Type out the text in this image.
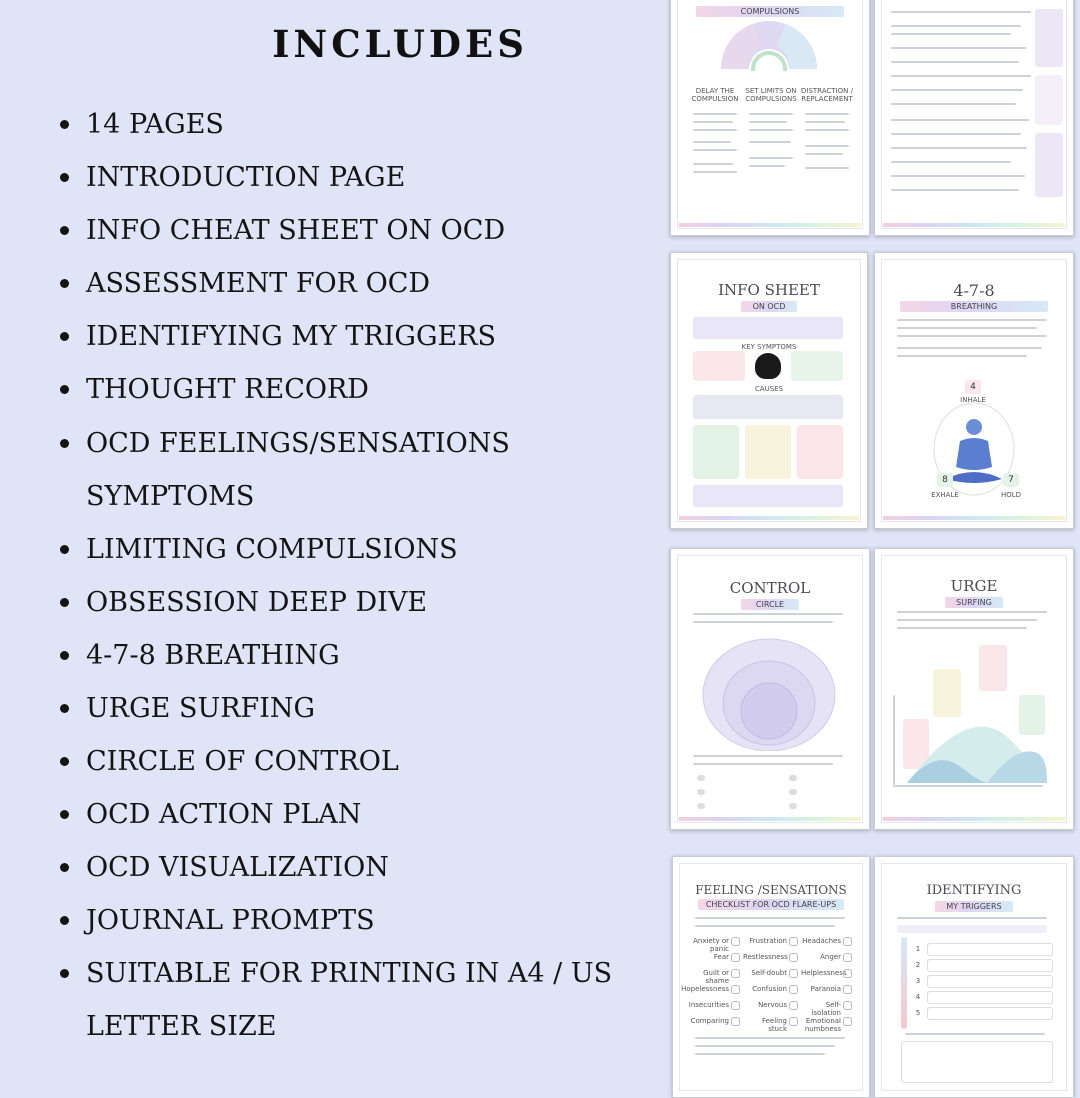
INCLUDES
14 PAGES
INTRODUCTION PAGE
INFO CHEAT SHEET ON OCD
ASSESSMENT FOR OCD
IDENTIFYING MY TRIGGERS
THOUGHT RECORD
OCD FEELINGS/SENSATIONS SYMPTOMS
LIMITING COMPULSIONS
OBSESSION DEEP DIVE
4-7-8 BREATHING
URGE SURFING
CIRCLE OF CONTROL
OCD ACTION PLAN
OCD VISUALIZATION
JOURNAL PROMPTS
SUITABLE FOR PRINTING IN A4 / US LETTER SIZE
COMPULSIONS
DELAY THE COMPULSION
SET LIMITS ON COMPULSIONS
DISTRACTION / REPLACEMENT
INFO SHEET
ON OCD
KEY SYMPTOMS
CAUSES
4-7-8
BREATHING
4
INHALE
8	7
EXHALE	HOLD
CONTROL
CIRCLE
URGE
SURFING
FEELING /SENSATIONS
CHECKLIST FOR OCD FLARE-UPS
Anxiety or panic
Fear
Guilt or shame
Hopelessness
Insecurities
Comparing
Frustration
Restlessness
Self-doubt
Confusion
Nervous
Feeling stuck
Headaches
Anger
Helplessness
Paranoia
Self-isolation
Emotional numbness
IDENTIFYING
MY TRIGGERS
1
2
3
4
5
